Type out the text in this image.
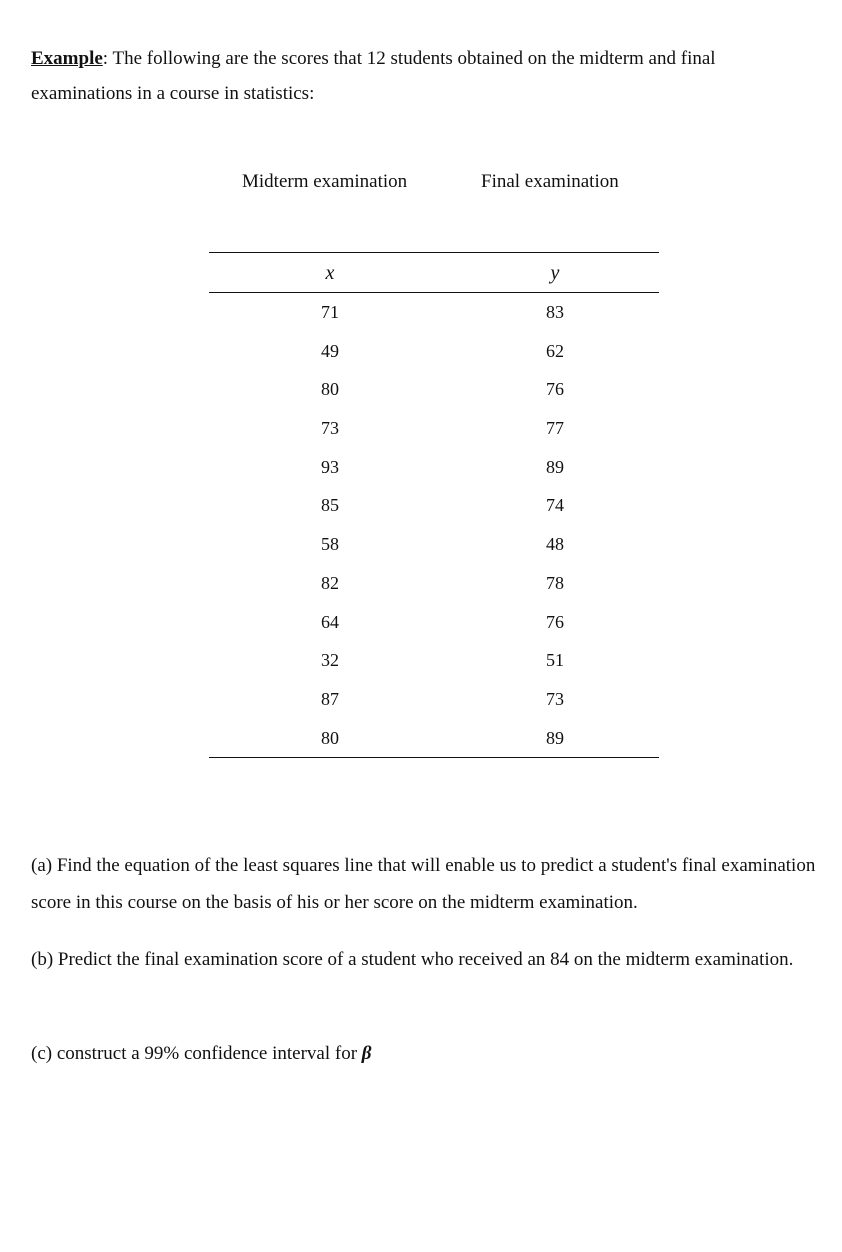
Example: The following are the scores that 12 students obtained on the midterm and final examinations in a course in statistics:
Midterm examination	Final examination
x	y
71	83
49	62
80	76
73	77
93	89
85	74
58	48
82	78
64	76
32	51
87	73
80	89
(a) Find the equation of the least squares line that will enable us to predict a student's final examination score in this course on the basis of his or her score on the midterm examination.
(b) Predict the final examination score of a student who received an 84 on the midterm examination.
(c) construct a 99% confidence interval for β
